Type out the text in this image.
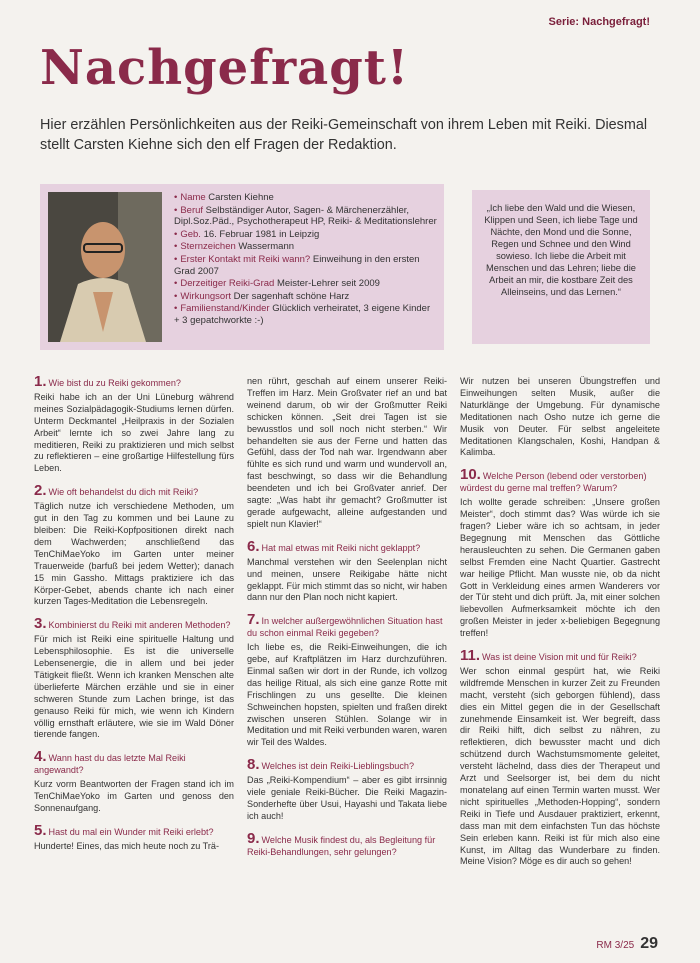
Serie: Nachgefragt!
Nachgefragt!

Hier erzählen Persönlichkeiten aus der Reiki-Gemeinschaft von ihrem Leben mit Reiki. Diesmal stellt Carsten Kiehne sich den elf Fragen der Redaktion.

• Name Carsten Kiehne
• Beruf Selbständiger Autor, Sagen- & Märchenerzähler, Dipl.Soz.Päd., Psychotherapeut HP, Reiki- & Meditationslehrer
• Geb. 16. Februar 1981 in Leipzig
• Sternzeichen Wassermann
• Erster Kontakt mit Reiki wann? Einweihung in den ersten Grad 2007
• Derzeitiger Reiki-Grad Meister-Lehrer seit 2009
• Wirkungsort Der sagenhaft schöne Harz
• Familienstand/Kinder Glücklich verheiratet, 3 eigene Kinder + 3 gepatchworkte :-)
„Ich liebe den Wald und die Wiesen, Klippen und Seen, ich liebe Tage und Nächte, den Mond und die Sonne, Regen und Schnee und den Wind sowieso. Ich liebe die Arbeit mit Menschen und das Lehren; liebe die Arbeit an mir, die kostbare Zeit des Alleinseins, und das Lernen.“
1. Wie bist du zu Reiki gekommen?
Reiki habe ich an der Uni Lüneburg während meines Sozialpädagogik-Studiums lernen dürfen. Unterm Deckmantel „Heilpraxis in der Sozialen Arbeit“ lernte ich so zwei Jahre lang zu meditieren, Reiki zu praktizieren und mich selbst zu reflektieren – eine großartige Hilfestellung fürs Leben.
2. Wie oft behandelst du dich mit Reiki?
Täglich nutze ich verschiedene Methoden, um gut in den Tag zu kommen und bei Laune zu bleiben: Die Reiki-Kopfpositionen direkt nach dem Wachwerden; anschließend das TenChiMaeYoko im Garten unter meiner Trauerweide (barfuß bei jedem Wetter); danach 15 min Gassho. Mittags praktiziere ich das Körper-Gebet, abends chante ich nach einer kurzen Tages-Meditation die Lebensregeln.
3. Kombinierst du Reiki mit anderen Methoden?
Für mich ist Reiki eine spirituelle Haltung und Lebensphilosophie. Es ist die universelle Lebensenergie, die in allem und bei jeder Tätigkeit fließt. Wenn ich kranken Menschen alte überlieferte Märchen erzähle und sie in einer schweren Stunde zum Lachen bringe, ist das genauso Reiki für mich, wie wenn ich Kindern völlig ernsthaft erläutere, wie sie im Wald Döner tierende fangen.
4. Wann hast du das letzte Mal Reiki angewandt?
Kurz vorm Beantworten der Fragen stand ich im TenChiMaeYoko im Garten und genoss den Sonnenaufgang.
5. Hast du mal ein Wunder mit Reiki erlebt?
Hunderte! Eines, das mich heute noch zu Trä-
nen rührt, geschah auf einem unserer Reiki-Treffen im Harz. Mein Großvater rief an und bat weinend darum, ob wir der Großmutter Reiki schicken können. „Seit drei Tagen ist sie bewusstlos und soll noch nicht sterben.“ Wir behandelten sie aus der Ferne und hatten das Gefühl, dass der Tod nah war. Irgendwann aber fühlte es sich rund und warm und wundervoll an, fast beschwingt, so dass wir die Behandlung beendeten und ich bei Großvater anrief. Der sagte: „Was habt ihr gemacht? Großmutter ist gerade aufgewacht, alleine aufgestanden und spielt nun Klavier!“
6. Hat mal etwas mit Reiki nicht geklappt?
Manchmal verstehen wir den Seelenplan nicht und meinen, unsere Reikigabe hätte nicht geklappt. Für mich stimmt das so nicht, wir haben dann nur den Plan noch nicht kapiert.
7. In welcher außergewöhnlichen Situation hast du schon einmal Reiki gegeben?
Ich liebe es, die Reiki-Einweihungen, die ich gebe, auf Kraftplätzen im Harz durchzuführen. Einmal saßen wir dort in der Runde, ich vollzog das heilige Ritual, als sich eine ganze Rotte mit Frischlingen zu uns gesellte. Die kleinen Schweinchen hopsten, spielten und fraßen direkt zwischen unseren Stühlen. Solange wir in Meditation und mit Reiki verbunden waren, waren wir Teil des Waldes.
8. Welches ist dein Reiki-Lieblingsbuch?
Das „Reiki-Kompendium“ – aber es gibt irrsinnig viele geniale Reiki-Bücher. Die Reiki Magazin-Sonderhefte über Usui, Hayashi und Takata liebe ich auch!
9. Welche Musik findest du, als Begleitung für Reiki-Behandlungen, sehr gelungen?
Wir nutzen bei unseren Übungstreffen und Einweihungen selten Musik, außer die Naturklänge der Umgebung. Für dynamische Meditationen nach Osho nutze ich gerne die Musik von Deuter. Für selbst angeleitete Meditationen Klangschalen, Koshi, Handpan & Kalimba.
10. Welche Person (lebend oder verstorben) würdest du gerne mal treffen? Warum?
Ich wollte gerade schreiben: „Unsere großen Meister“, doch stimmt das? Was würde ich sie fragen? Lieber wäre ich so achtsam, in jeder Begegnung mit Menschen das Göttliche herausleuchten zu sehen. Die Germanen gaben selbst Fremden eine Nacht Quartier. Gastrecht war heilige Pflicht. Man wusste nie, ob da nicht Gott in Verkleidung eines armen Wanderers vor der Tür steht und dich prüft. Ja, mit einer solchen liebevollen Aufmerksamkeit möchte ich den großen Meister in jeder x-beliebigen Begegnung treffen!
11. Was ist deine Vision mit und für Reiki?
Wer schon einmal gespürt hat, wie Reiki wildfremde Menschen in kurzer Zeit zu Freunden macht, versteht (sich geborgen fühlend), dass dies ein Mittel gegen die in der Gesellschaft zunehmende Einsamkeit ist. Wer begreift, dass dir Reiki hilft, dich selbst zu nähren, zu reflektieren, dich bewusster macht und dich schützend durch Wachstumsmomente geleitet, versteht lächelnd, dass dies der Therapeut und Arzt und Seelsorger ist, bei dem du nicht monatelang auf einen Termin warten musst. Wer nicht spirituelles „Methoden-Hopping“, sondern Reiki in Tiefe und Ausdauer praktiziert, erkennt, dass man mit dem einfachsten Tun das höchste Sein erleben kann. Reiki ist für mich also eine Kunst, im Alltag das Wunderbare zu finden. Meine Vision? Möge es dir auch so gehen!
RM 3/25 29
